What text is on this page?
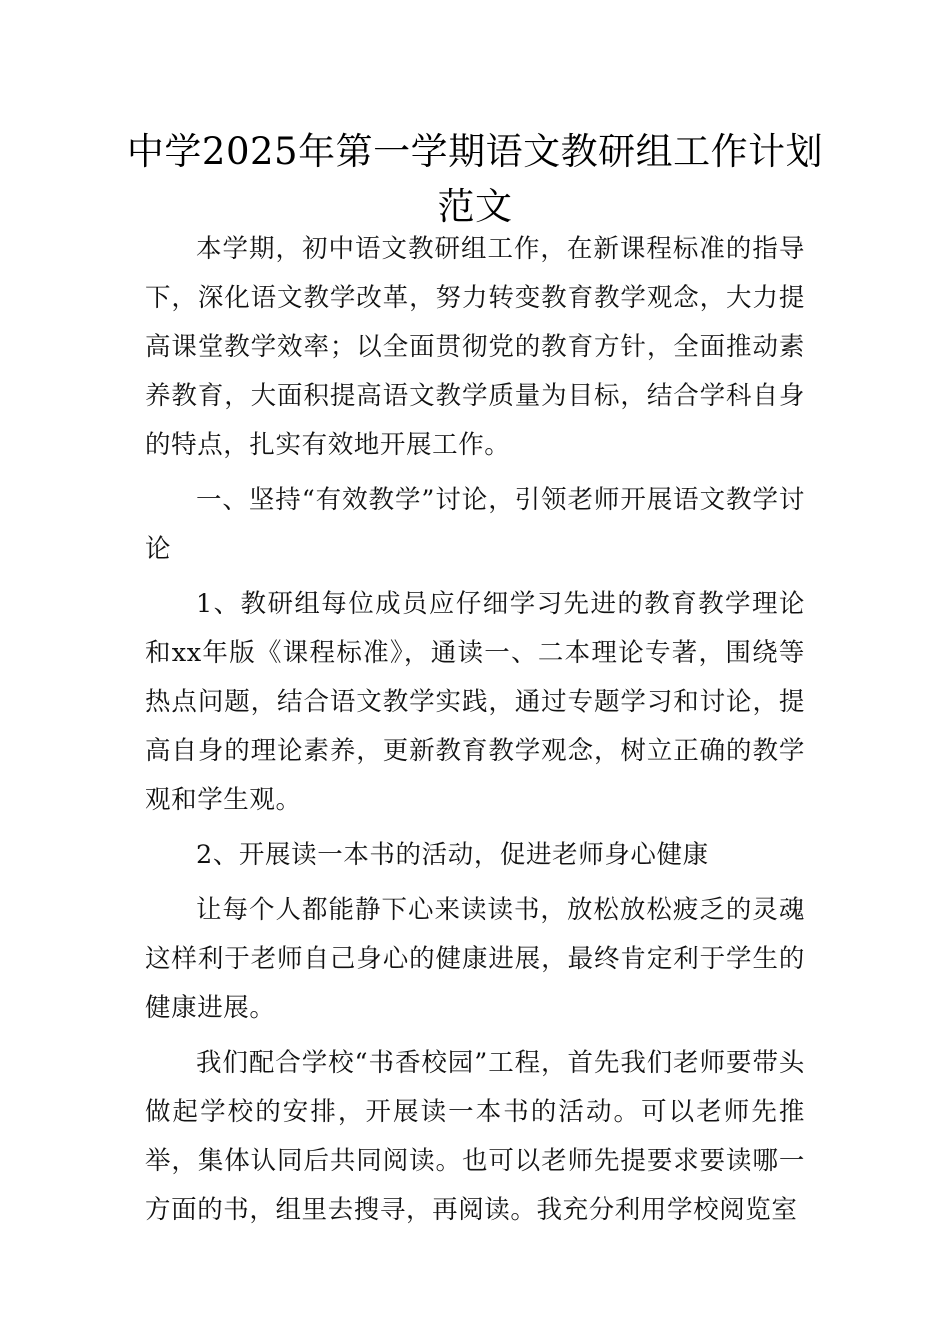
中学2025年第一学期语文教研组工作计划范文

本学期，初中语文教研组工作，在新课程标准的指导下，深化语文教学改革，努力转变教育教学观念，大力提高课堂教学效率；以全面贯彻党的教育方针，全面推动素养教育，大面积提高语文教学质量为目标，结合学科自身的特点，扎实有效地开展工作。

一、坚持“有效教学”讨论，引领老师开展语文教学讨论

1、教研组每位成员应仔细学习先进的教育教学理论和xx年版《课程标准》，通读一、二本理论专著，围绕等热点问题，结合语文教学实践，通过专题学习和讨论，提高自身的理论素养，更新教育教学观念，树立正确的教学观和学生观。

2、开展读一本书的活动，促进老师身心健康

让每个人都能静下心来读读书，放松放松疲乏的灵魂这样利于老师自己身心的健康进展，最终肯定利于学生的健康进展。

我们配合学校“书香校园”工程，首先我们老师要带头做起学校的安排，开展读一本书的活动。可以老师先推举，集体认同后共同阅读。也可以老师先提要求要读哪一方面的书，组里去搜寻，再阅读。我充分利用学校阅览室
